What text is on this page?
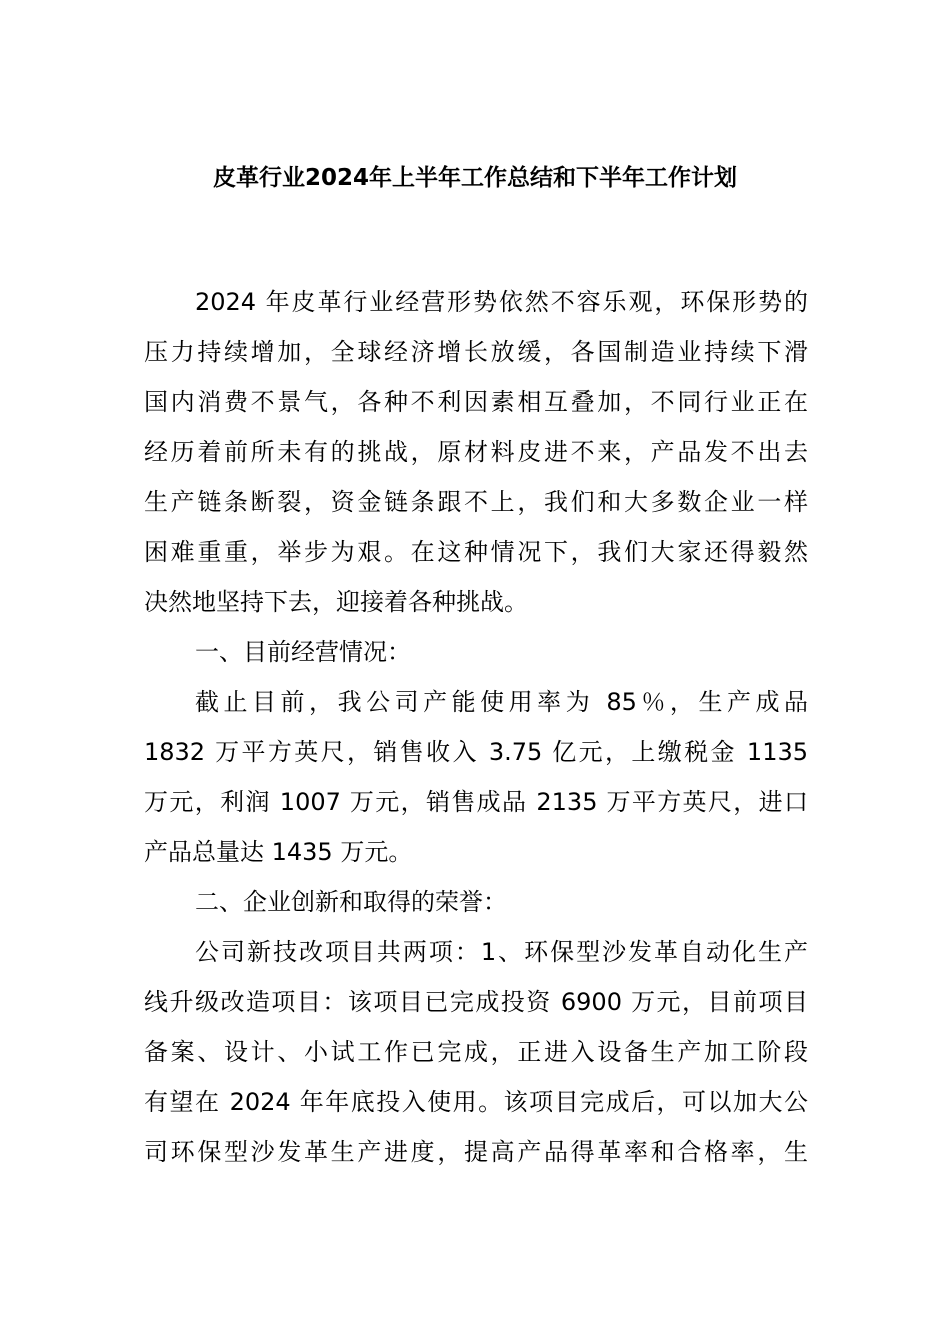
皮革行业2024年上半年工作总结和下半年工作计划
2024 年皮革行业经营形势依然不容乐观，环保形势的
压力持续增加，全球经济增长放缓，各国制造业持续下滑
国内消费不景气，各种不利因素相互叠加，不同行业正在
经历着前所未有的挑战，原材料皮进不来，产品发不出去
生产链条断裂，资金链条跟不上，我们和大多数企业一样
困难重重，举步为艰。在这种情况下，我们大家还得毅然
决然地坚持下去，迎接着各种挑战。
一、目前经营情况：
截止目前，我公司产能使用率为 85％，生产成品
1832 万平方英尺，销售收入 3.75 亿元，上缴税金 1135
万元，利润 1007 万元，销售成品 2135 万平方英尺，进口
产品总量达 1435 万元。
二、企业创新和取得的荣誉：
公司新技改项目共两项：1、环保型沙发革自动化生产
线升级改造项目：该项目已完成投资 6900 万元，目前项目
备案、设计、小试工作已完成，正进入设备生产加工阶段
有望在 2024 年年底投入使用。该项目完成后，可以加大公
司环保型沙发革生产进度，提高产品得革率和合格率，生
